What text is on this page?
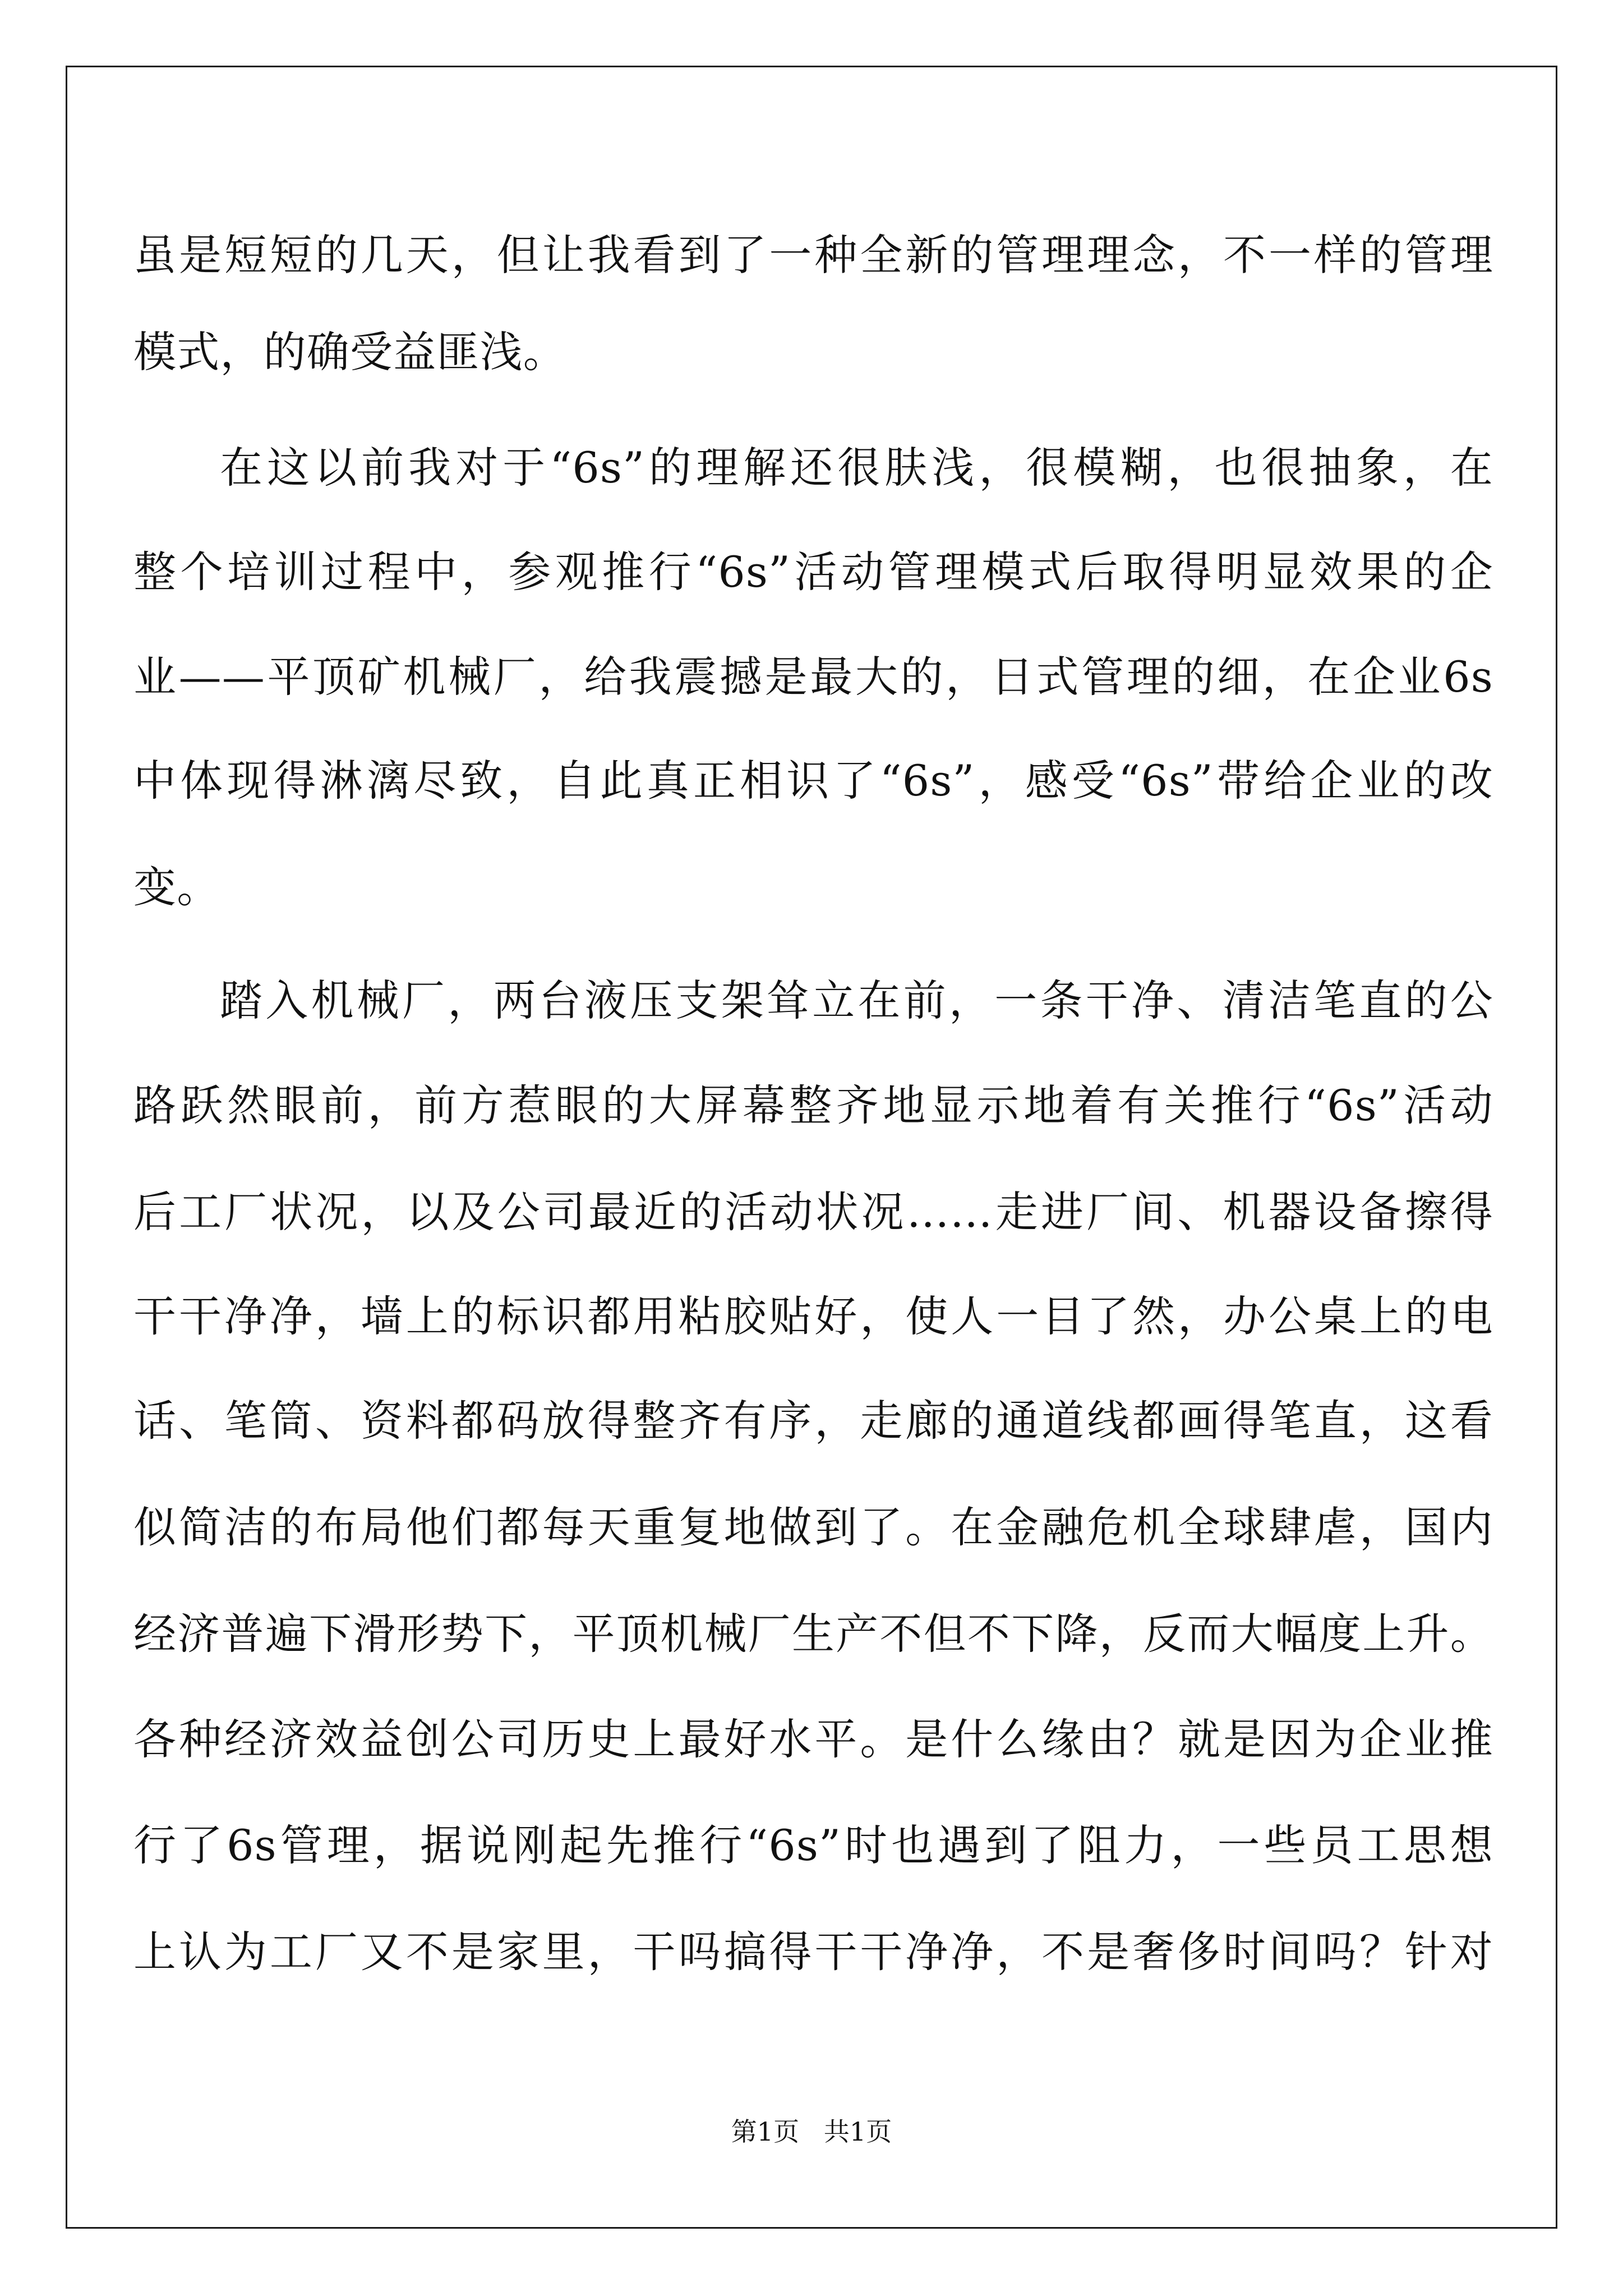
虽是短短的几天，但让我看到了一种全新的管理理念，不一样的管理
模式，的确受益匪浅。
在这以前我对于“6s”的理解还很肤浅，很模糊，也很抽象，在
整个培训过程中，参观推行“6s”活动管理模式后取得明显效果的企
业——平顶矿机械厂，给我震撼是最大的，日式管理的细，在企业6s
中体现得淋漓尽致，自此真正相识了“6s”，感受“6s”带给企业的改
变。
踏入机械厂，两台液压支架耸立在前，一条干净、清洁笔直的公
路跃然眼前，前方惹眼的大屏幕整齐地显示地着有关推行“6s”活动
后工厂状况，以及公司最近的活动状况……走进厂间、机器设备擦得
干干净净，墙上的标识都用粘胶贴好，使人一目了然，办公桌上的电
话、笔筒、资料都码放得整齐有序，走廊的通道线都画得笔直，这看
似简洁的布局他们都每天重复地做到了。在金融危机全球肆虐，国内
经济普遍下滑形势下，平顶机械厂生产不但不下降，反而大幅度上升。
各种经济效益创公司历史上最好水平。是什么缘由？就是因为企业推
行了6s管理，据说刚起先推行“6s”时也遇到了阻力，一些员工思想
上认为工厂又不是家里，干吗搞得干干净净，不是奢侈时间吗？针对
第1页   共1页
